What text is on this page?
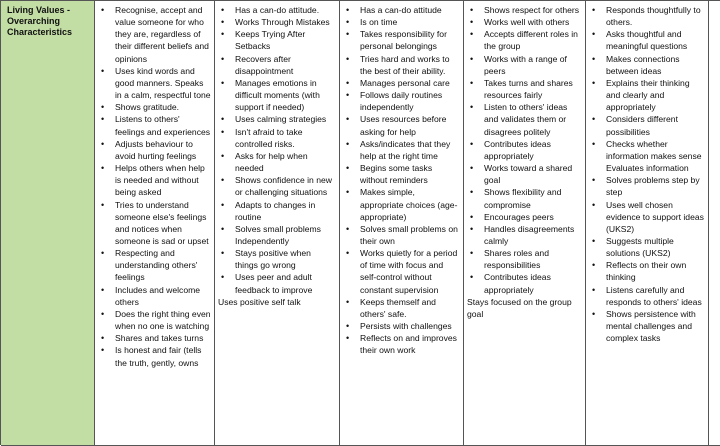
Living Values - Overarching Characteristics
• Recognise, accept and value someone for who they are, regardless of their different beliefs and opinions
• Uses kind words and good manners. Speaks in a calm, respectful tone
• Shows gratitude.
• Listens to others' feelings and experiences
• Adjusts behaviour to avoid hurting feelings
• Helps others when help is needed and without being asked
• Tries to understand someone else's feelings and notices when someone is sad or upset
• Respecting and understanding others' feelings
• Includes and welcome others
• Does the right thing even when no one is watching
• Shares and takes turns
• Is honest and fair (tells the truth, gently, owns
• Has a can-do attitude.
• Works Through Mistakes
• Keeps Trying After Setbacks
• Recovers after disappointment
• Manages emotions in difficult moments (with support if needed)
• Uses calming strategies
• Isn't afraid to take controlled risks.
• Asks for help when needed
• Shows confidence in new or challenging situations
• Adapts to changes in routine
• Solves small problems Independently
• Stays positive when things go wrong
• Uses peer and adult feedback to improve
Uses positive self talk
• Has a can-do attitude
• Is on time
• Takes responsibility for personal belongings
• Tries hard and works to the best of their ability.
• Manages personal care
• Follows daily routines independently
• Uses resources before asking for help
• Asks/indicates that they help at the right time
• Begins some tasks without reminders
• Makes simple, appropriate choices (age-appropriate)
• Solves small problems on their own
• Works quietly for a period of time with focus and self-control without constant supervision
• Keeps themself and others' safe.
• Persists with challenges
• Reflects on and improves their own work
• Shows respect for others
• Works well with others
• Accepts different roles in the group
• Works with a range of peers
• Takes turns and shares resources fairly
• Listen to others' ideas and validates them or disagrees politely
• Contributes ideas appropriately
• Works toward a shared goal
• Shows flexibility and compromise
• Encourages peers
• Handles disagreements calmly
• Shares roles and responsibilities
• Contributes ideas appropriately
Stays focused on the group goal
• Responds thoughtfully to others.
• Asks thoughtful and meaningful questions
• Makes connections between ideas
• Explains their thinking and clearly and appropriately
• Considers different possibilities
• Checks whether information makes sense Evaluates information
• Solves problems step by step
• Uses well chosen evidence to support ideas (UKS2)
• Suggests multiple solutions (UKS2)
• Reflects on their own thinking
• Listens carefully and responds to others' ideas
• Shows persistence with mental challenges and complex tasks
